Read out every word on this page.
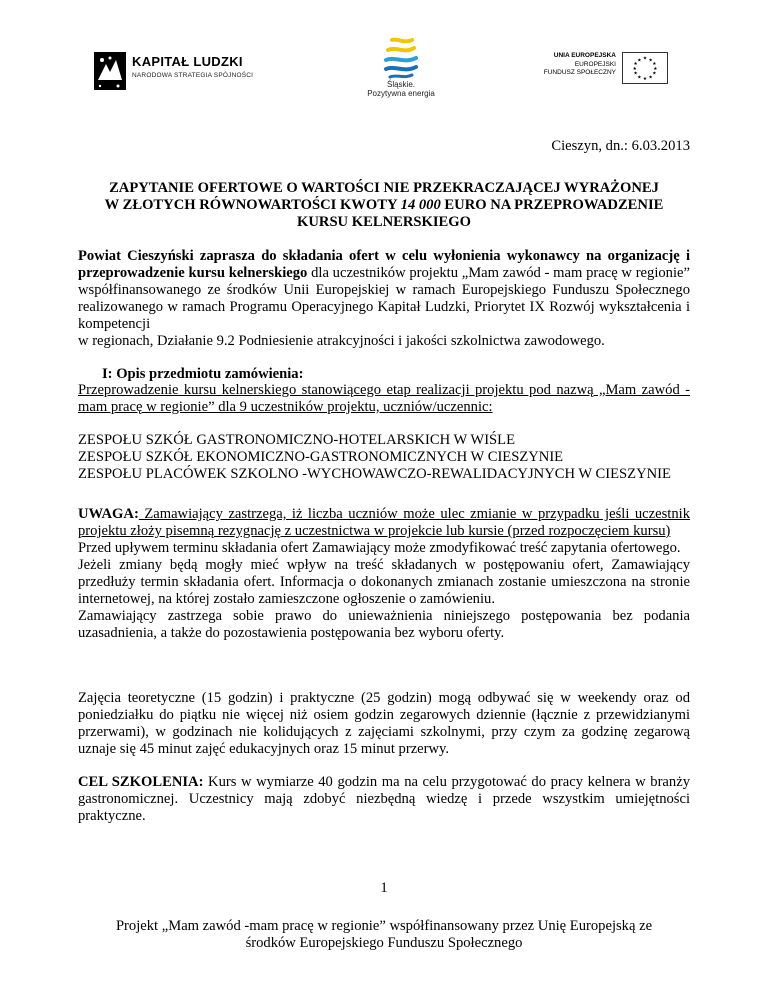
KAPITAŁ LUDZKI
NARODOWA STRATEGIA SPÓJNOŚCI
Śląskie.
Pozytywna energia
UNIA EUROPEJSKA
EUROPEJSKI
FUNDUSZ SPOŁECZNY
★ ★
★
★
★
★
★
★
★
★
★
★
Cieszyn, dn.: 6.03.2013
ZAPYTANIE OFERTOWE O WARTOŚCI NIE PRZEKRACZAJĄCEJ WYRAŻONEJ
W ZŁOTYCH RÓWNOWARTOŚCI KWOTY 14 000 EURO NA PRZEPROWADZENIE
KURSU KELNERSKIEGO

Powiat Cieszyński zaprasza do składania ofert w celu wyłonienia wykonawcy na organizację i przeprowadzenie kursu kelnerskiego dla uczestników projektu „Mam zawód - mam pracę w regionie” współfinansowanego ze środków Unii Europejskiej w ramach Europejskiego Funduszu Społecznego realizowanego w ramach Programu Operacyjnego Kapitał Ludzki, Priorytet IX Rozwój wykształcenia i kompetencji

w regionach, Działanie 9.2 Podniesienie atrakcyjności i jakości szkolnictwa zawodowego.

I: Opis przedmiotu zamówienia:

Przeprowadzenie kursu kelnerskiego stanowiącego etap realizacji projektu pod nazwą „Mam zawód - mam pracę w regionie” dla 9 uczestników projektu, uczniów/uczennic:

ZESPOŁU SZKÓŁ GASTRONOMICZNO-HOTELARSKICH W WIŚLE
ZESPOŁU SZKÓŁ EKONOMICZNO-GASTRONOMICZNYCH W CIESZYNIE
ZESPOŁU PLACÓWEK SZKOLNO -WYCHOWAWCZO-REWALIDACYJNYCH W CIESZYNIE

UWAGA: Zamawiający zastrzega, iż liczba uczniów może ulec zmianie w przypadku jeśli uczestnik projektu złoży pisemną rezygnację z uczestnictwa w projekcie lub kursie (przed rozpoczęciem kursu)

Przed upływem terminu składania ofert Zamawiający może zmodyfikować treść zapytania ofertowego.

Jeżeli zmiany będą mogły mieć wpływ na treść składanych w postępowaniu ofert, Zamawiający przedłuży termin składania ofert. Informacja o dokonanych zmianach zostanie umieszczona na stronie internetowej, na której zostało zamieszczone ogłoszenie o zamówieniu.

Zamawiający zastrzega sobie prawo do unieważnienia niniejszego postępowania bez podania uzasadnienia, a także do pozostawienia postępowania bez wyboru oferty.

Zajęcia teoretyczne (15 godzin) i praktyczne (25 godzin) mogą odbywać się w weekendy oraz od poniedziałku do piątku nie więcej niż osiem godzin zegarowych dziennie (łącznie z przewidzianymi przerwami), w godzinach nie kolidujących z zajęciami szkolnymi, przy czym za godzinę zegarową uznaje się 45 minut zajęć edukacyjnych oraz 15 minut przerwy.

CEL SZKOLENIA: Kurs w wymiarze 40 godzin ma na celu przygotować do pracy kelnera w branży gastronomicznej. Uczestnicy mają zdobyć niezbędną wiedzę i przede wszystkim umiejętności praktyczne.

1
Projekt „Mam zawód -mam pracę w regionie” współfinansowany przez Unię Europejską ze
środków Europejskiego Funduszu Społecznego
